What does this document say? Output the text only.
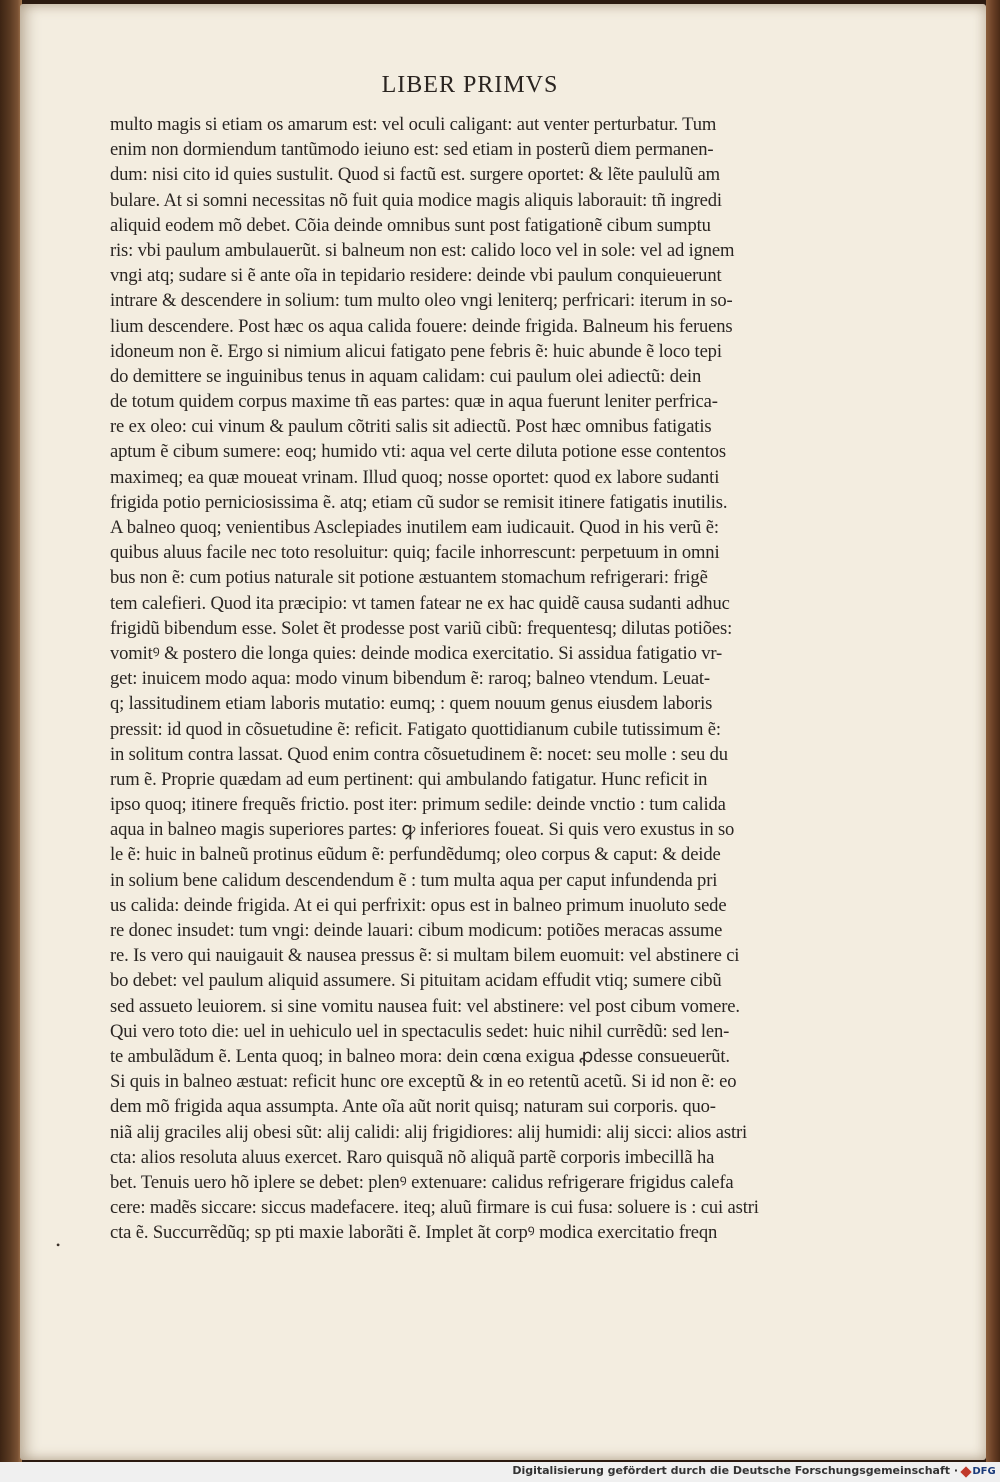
LIBER PRIMVS
multo magis si etiam os amarum est: vel oculi caligant: aut venter perturbatur. Tum
enim non dormiendum tantũmodo ieiuno est: sed etiam in posterũ diem permanen-
dum: nisi cito id quies sustulit. Quod si factũ est. surgere oportet: & lẽte paululũ am
bulare. At si somni necessitas nõ fuit quia modice magis aliquis laborauit: tñ ingredi
aliquid eodem mõ debet. Cõia deinde omnibus sunt post fatigationẽ cibum sumptu
ris: vbi paulum ambulauerũt. si balneum non est: calido loco vel in sole: vel ad ignem
vngi atq; sudare si ẽ ante oĩa in tepidario residere: deinde vbi paulum conquieuerunt
intrare & descendere in solium: tum multo oleo vngi leniterq; perfricari: iterum in so-
lium descendere. Post hæc os aqua calida fouere: deinde frigida. Balneum his feruens
idoneum non ẽ. Ergo si nimium alicui fatigato pene febris ẽ: huic abunde ẽ loco tepi
do demittere se inguinibus tenus in aquam calidam: cui paulum olei adiectũ: dein
de totum quidem corpus maxime tñ eas partes: quæ in aqua fuerunt leniter perfrica-
re ex oleo: cui vinum & paulum cõtriti salis sit adiectũ. Post hæc omnibus fatigatis
aptum ẽ cibum sumere: eoq; humido vti: aqua vel certe diluta potione esse contentos
maximeq; ea quæ moueat vrinam. Illud quoq; nosse oportet: quod ex labore sudanti
frigida potio perniciosissima ẽ. atq; etiam cũ sudor se remisit itinere fatigatis inutilis.
A balneo quoq; venientibus Asclepiades inutilem eam iudicauit. Quod in his verũ ẽ:
quibus aluus facile nec toto resoluitur: quiq; facile inhorrescunt: perpetuum in omni
bus non ẽ: cum potius naturale sit potione æstuantem stomachum refrigerari: frigẽ
tem calefieri. Quod ita præcipio: vt tamen fatear ne ex hac quidẽ causa sudanti adhuc
frigidũ bibendum esse. Solet ẽt prodesse post variũ cibũ: frequentesq; dilutas potiões:
vomitꝰ & postero die longa quies: deinde modica exercitatio. Si assidua fatigatio vr-
get: inuicem modo aqua: modo vinum bibendum ẽ: raroq; balneo vtendum. Leuat-
q; lassitudinem etiam laboris mutatio: eumq; : quem nouum genus eiusdem laboris
pressit: id quod in cõsuetudine ẽ: reficit. Fatigato quottidianum cubile tutissimum ẽ:
in solitum contra lassat. Quod enim contra cõsuetudinem ẽ: nocet: seu molle : seu du
rum ẽ. Proprie quædam ad eum pertinent: qui ambulando fatigatur. Hunc reficit in
ipso quoq; itinere frequẽs frictio. post iter: primum sedile: deinde vnctio : tum calida
aqua in balneo magis superiores partes: ꝙ inferiores foueat. Si quis vero exustus in so
le ẽ: huic in balneũ protinus eũdum ẽ: perfundẽdumq; oleo corpus & caput: & deide
in solium bene calidum descendendum ẽ : tum multa aqua per caput infundenda pri
us calida: deinde frigida. At ei qui perfrixit: opus est in balneo primum inuoluto sede
re donec insudet: tum vngi: deinde lauari: cibum modicum: potiões meracas assume
re. Is vero qui nauigauit & nausea pressus ẽ: si multam bilem euomuit: vel abstinere ci
bo debet: vel paulum aliquid assumere. Si pituitam acidam effudit vtiq; sumere cibũ
sed assueto leuiorem. si sine vomitu nausea fuit: vel abstinere: vel post cibum vomere.
Qui vero toto die: uel in uehiculo uel in spectaculis sedet: huic nihil currẽdũ: sed len-
te ambulãdum ẽ. Lenta quoq; in balneo mora: dein cœna exigua ꝓdesse consueuerũt.
Si quis in balneo æstuat: reficit hunc ore exceptũ & in eo retentũ acetũ. Si id non ẽ: eo
dem mõ frigida aqua assumpta. Ante oĩa aũt norit quisq; naturam sui corporis. quo-
niã alij graciles alij obesi sũt: alij calidi: alij frigidiores: alij humidi: alij sicci: alios astri
cta: alios resoluta aluus exercet. Raro quisquã nõ aliquã partẽ corporis imbecillã ha
bet. Tenuis uero hõ iplere se debet: plenꝰ extenuare: calidus refrigerare frigidus calefa
cere: madẽs siccare: siccus madefacere. iteq; aluũ firmare is cui fusa: soluere is : cui astri
cta ẽ. Succurrẽdũq; sp pti maxie laborãti ẽ. Implet ãt corpꝰ modica exercitatio freqn
•
Digitalisierung gefördert durch die Deutsche Forschungsgemeinschaft · DFG
